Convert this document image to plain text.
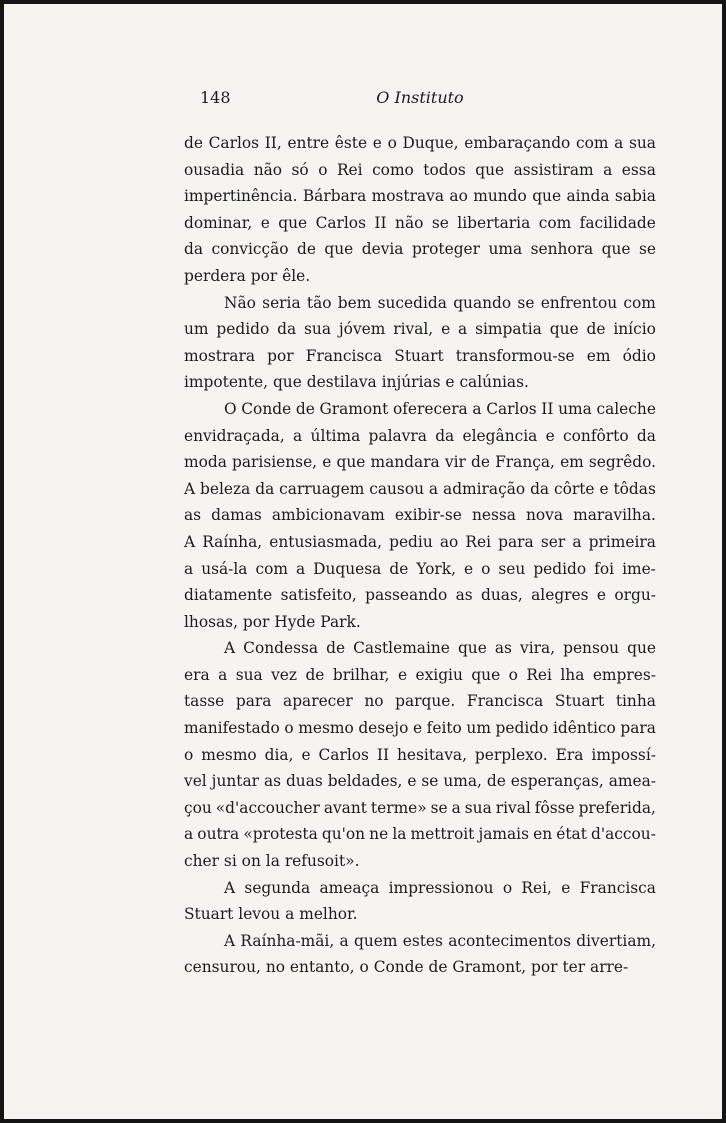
148	O Instituto
de Carlos II, entre êste e o Duque, embaraçando com a sua
ousadia não só o Rei como todos que assistiram a essa
impertinência. Bárbara mostrava ao mundo que ainda sabia
dominar, e que Carlos II não se libertaria com facilidade
da convicção de que devia proteger uma senhora que se
perdera por êle.
Não seria tão bem sucedida quando se enfrentou com
um pedido da sua jóvem rival, e a simpatia que de início
mostrara por Francisca Stuart transformou-se em ódio
impotente, que destilava injúrias e calúnias.
O Conde de Gramont oferecera a Carlos II uma caleche
envidraçada, a última palavra da elegância e confôrto da
moda parisiense, e que mandara vir de França, em segrêdo.
A beleza da carruagem causou a admiração da côrte e tôdas
as damas ambicionavam exibir-se nessa nova maravilha.
A Raínha, entusiasmada, pediu ao Rei para ser a primeira
a usá-la com a Duquesa de York, e o seu pedido foi ime-
diatamente satisfeito, passeando as duas, alegres e orgu-
lhosas, por Hyde Park.
A Condessa de Castlemaine que as vira, pensou que
era a sua vez de brilhar, e exigiu que o Rei lha empres-
tasse para aparecer no parque. Francisca Stuart tinha
manifestado o mesmo desejo e feito um pedido idêntico para
o mesmo dia, e Carlos II hesitava, perplexo. Era impossí-
vel juntar as duas beldades, e se uma, de esperanças, amea-
çou «d'accoucher avant terme» se a sua rival fôsse preferida,
a outra «protesta qu'on ne la mettroit jamais en état d'accou-
cher si on la refusoit».
A segunda ameaça impressionou o Rei, e Francisca
Stuart levou a melhor.
A Raínha-mãi, a quem estes acontecimentos divertiam,
censurou, no entanto, o Conde de Gramont, por ter arre-
